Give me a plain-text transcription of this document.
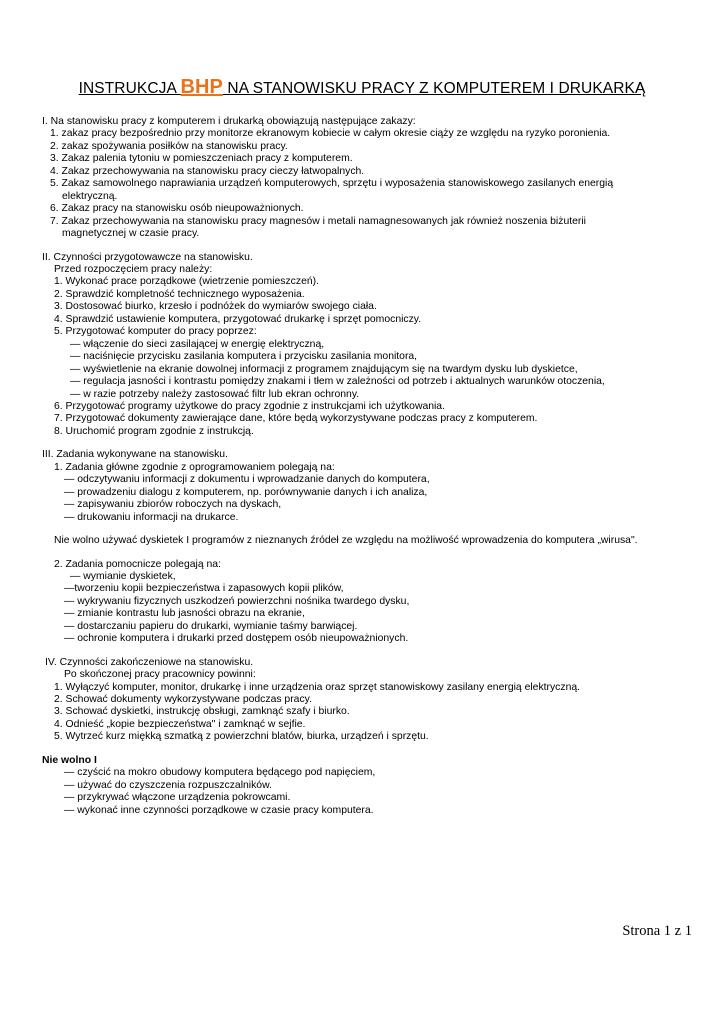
INSTRUKCJA BHP NA STANOWISKU PRACY Z KOMPUTEREM I DRUKARKĄ
I. Na stanowisku pracy z komputerem i drukarką obowiązują następujące zakazy:
1. zakaz pracy bezpośrednio przy monitorze ekranowym kobiecie w całym okresie ciąży ze względu na ryzyko poronienia.
2. zakaz spożywania posiłków na stanowisku pracy.
3. Zakaz palenia tytoniu w pomieszczeniach pracy z komputerem.
4. Zakaz przechowywania na stanowisku pracy cieczy łatwopalnych.
5. Zakaz samowolnego naprawiania urządzeń komputerowych, sprzętu i wyposażenia stanowiskowego zasilanych energią
elektryczną.
6. Zakaz pracy na stanowisku osób nieupoważnionych.
7. Zakaz przechowywania na stanowisku pracy magnesów i metali namagnesowanych jak również noszenia biżuterii
magnetycznej w czasie pracy.
II. Czynności przygotowawcze na stanowisku.
Przed rozpoczęciem pracy należy:
1. Wykonać prace porządkowe (wietrzenie pomieszczeń).
2. Sprawdzić kompletność technicznego wyposażenia.
3. Dostosować biurko, krzesło i podnóżek do wymiarów swojego ciała.
4. Sprawdzić ustawienie komputera, przygotować drukarkę i sprzęt pomocniczy.
5. Przygotować komputer do pracy poprzez:
— włączenie do sieci zasilającej w energię elektryczną,
— naciśnięcie przycisku zasilania komputera i przycisku zasilania monitora,
— wyświetlenie na ekranie dowolnej informacji z programem znajdującym się na twardym dysku lub dyskietce,
— regulacja jasności i kontrastu pomiędzy znakami i tłem w zależności od potrzeb i aktualnych warunków otoczenia,
— w razie potrzeby należy zastosować filtr lub ekran ochronny.
6. Przygotować programy użytkowe do pracy zgodnie z instrukcjami ich użytkowania.
7. Przygotować dokumenty zawierające dane, które będą wykorzystywane podczas pracy z komputerem.
8. Uruchomić program zgodnie z instrukcją.
III. Zadania wykonywane na stanowisku.
1. Zadania główne zgodnie z oprogramowaniem polegają na:
— odczytywaniu informacji z dokumentu i wprowadzanie danych do komputera,
— prowadzeniu dialogu z komputerem, np. porównywanie danych i ich analiza,
— zapisywaniu zbiorów roboczych na dyskach,
— drukowaniu informacji na drukarce.
Nie wolno używać dyskietek I programów z nieznanych źródeł ze względu na możliwość wprowadzenia do komputera „wirusa".
2. Zadania pomocnicze polegają na:
— wymianie dyskietek,
—tworzeniu kopii bezpieczeństwa i zapasowych kopii plików,
— wykrywaniu fizycznych uszkodzeń powierzchni nośnika twardego dysku,
— zmianie kontrastu lub jasności obrazu na ekranie,
— dostarczaniu papieru do drukarki, wymianie taśmy barwiącej.
— ochronie komputera i drukarki przed dostępem osób nieupoważnionych.
IV. Czynności zakończeniowe na stanowisku.
Po skończonej pracy pracownicy powinni:
1. Wyłączyć komputer, monitor, drukarkę i inne urządzenia oraz sprzęt stanowiskowy zasilany energią elektryczną.
2. Schować dokumenty wykorzystywane podczas pracy.
3. Schować dyskietki, instrukcję obsługi, zamknąć szafy i biurko.
4. Odnieść „kopie bezpieczeństwa" i zamknąć w sejfie.
5. Wytrzeć kurz miękką szmatką z powierzchni blatów, biurka, urządzeń i sprzętu.
Nie wolno I
— czyścić na mokro obudowy komputera będącego pod napięciem,
— używać do czyszczenia rozpuszczalników.
— przykrywać włączone urządzenia pokrowcami.
— wykonać inne czynności porządkowe w czasie pracy komputera.
Strona 1 z 1
